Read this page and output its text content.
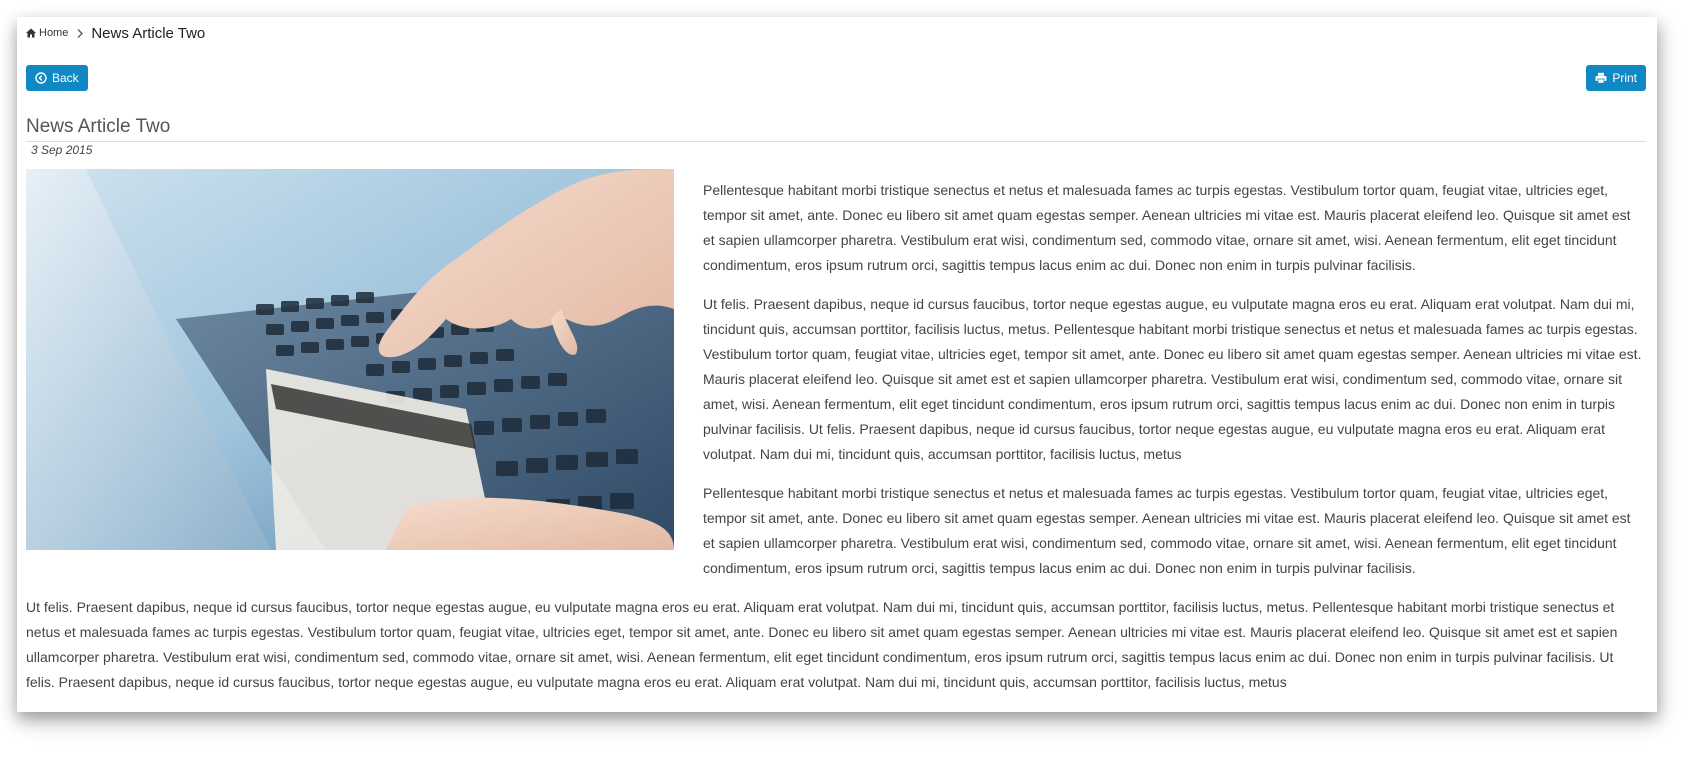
Home News Article Two
Back	Print
News Article Two
3 Sep 2015

Pellentesque habitant morbi tristique senectus et netus et malesuada fames ac turpis egestas. Vestibulum tortor quam, feugiat vitae, ultricies eget, tempor sit amet, ante. Donec eu libero sit amet quam egestas semper. Aenean ultricies mi vitae est. Mauris placerat eleifend leo. Quisque sit amet est et sapien ullamcorper pharetra. Vestibulum erat wisi, condimentum sed, commodo vitae, ornare sit amet, wisi. Aenean fermentum, elit eget tincidunt condimentum, eros ipsum rutrum orci, sagittis tempus lacus enim ac dui. Donec non enim in turpis pulvinar facilisis.

Ut felis. Praesent dapibus, neque id cursus faucibus, tortor neque egestas augue, eu vulputate magna eros eu erat. Aliquam erat volutpat. Nam dui mi, tincidunt quis, accumsan porttitor, facilisis luctus, metus. Pellentesque habitant morbi tristique senectus et netus et malesuada fames ac turpis egestas. Vestibulum tortor quam, feugiat vitae, ultricies eget, tempor sit amet, ante. Donec eu libero sit amet quam egestas semper. Aenean ultricies mi vitae est. Mauris placerat eleifend leo. Quisque sit amet est et sapien ullamcorper pharetra. Vestibulum erat wisi, condimentum sed, commodo vitae, ornare sit amet, wisi. Aenean fermentum, elit eget tincidunt condimentum, eros ipsum rutrum orci, sagittis tempus lacus enim ac dui. Donec non enim in turpis pulvinar facilisis. Ut felis. Praesent dapibus, neque id cursus faucibus, tortor neque egestas augue, eu vulputate magna eros eu erat. Aliquam erat volutpat. Nam dui mi, tincidunt quis, accumsan porttitor, facilisis luctus, metus

Pellentesque habitant morbi tristique senectus et netus et malesuada fames ac turpis egestas. Vestibulum tortor quam, feugiat vitae, ultricies eget, tempor sit amet, ante. Donec eu libero sit amet quam egestas semper. Aenean ultricies mi vitae est. Mauris placerat eleifend leo. Quisque sit amet est et sapien ullamcorper pharetra. Vestibulum erat wisi, condimentum sed, commodo vitae, ornare sit amet, wisi. Aenean fermentum, elit eget tincidunt condimentum, eros ipsum rutrum orci, sagittis tempus lacus enim ac dui. Donec non enim in turpis pulvinar facilisis.

Ut felis. Praesent dapibus, neque id cursus faucibus, tortor neque egestas augue, eu vulputate magna eros eu erat. Aliquam erat volutpat. Nam dui mi, tincidunt quis, accumsan porttitor, facilisis luctus, metus. Pellentesque habitant morbi tristique senectus et netus et malesuada fames ac turpis egestas. Vestibulum tortor quam, feugiat vitae, ultricies eget, tempor sit amet, ante. Donec eu libero sit amet quam egestas semper. Aenean ultricies mi vitae est. Mauris placerat eleifend leo. Quisque sit amet est et sapien ullamcorper pharetra. Vestibulum erat wisi, condimentum sed, commodo vitae, ornare sit amet, wisi. Aenean fermentum, elit eget tincidunt condimentum, eros ipsum rutrum orci, sagittis tempus lacus enim ac dui. Donec non enim in turpis pulvinar facilisis. Ut felis. Praesent dapibus, neque id cursus faucibus, tortor neque egestas augue, eu vulputate magna eros eu erat. Aliquam erat volutpat. Nam dui mi, tincidunt quis, accumsan porttitor, facilisis luctus, metus
